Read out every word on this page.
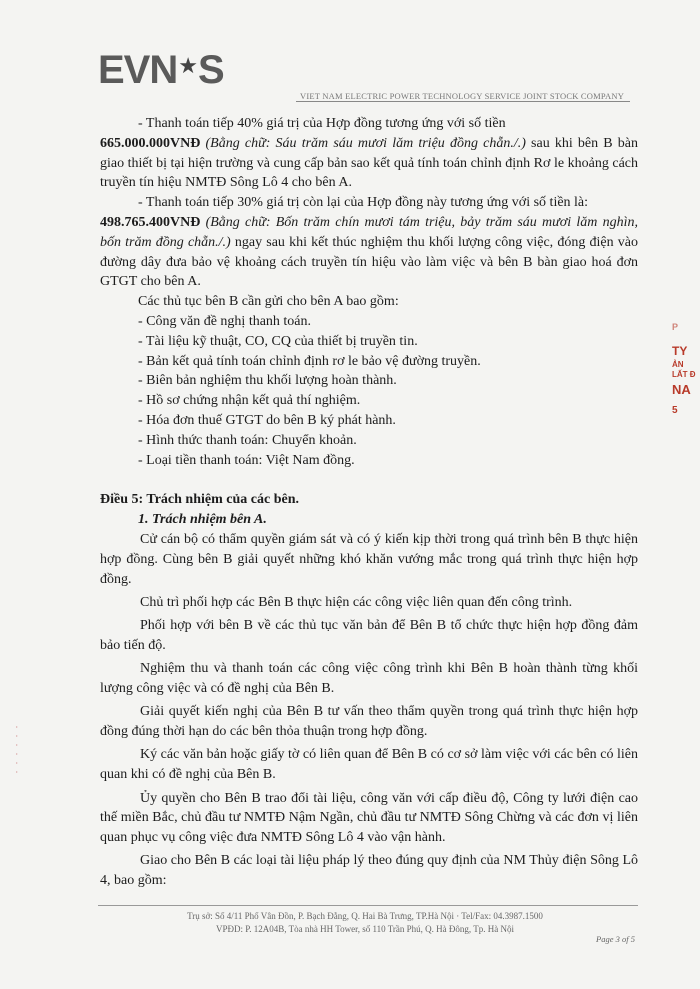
EVN ★ S
VIET NAM ELECTRIC POWER TECHNOLOGY SERVICE JOINT STOCK COMPANY

- Thanh toán tiếp 40% giá trị của Hợp đồng tương ứng với số tiền
665.000.000VNĐ (Bằng chữ: Sáu trăm sáu mươi lăm triệu đồng chẵn./.) sau khi bên B bàn giao thiết bị tại hiện trường và cung cấp bản sao kết quả tính toán chỉnh định Rơ le khoảng cách truyền tín hiệu NMTĐ Sông Lô 4 cho bên A.

- Thanh toán tiếp 30% giá trị còn lại của Hợp đồng này tương ứng với số tiền là:
498.765.400VNĐ (Bằng chữ: Bốn trăm chín mươi tám triệu, bảy trăm sáu mươi lăm nghìn, bốn trăm đồng chẵn./.) ngay sau khi kết thúc nghiệm thu khối lượng công việc, đóng điện vào đường dây đưa bảo vệ khoảng cách truyền tín hiệu vào làm việc và bên B bàn giao hoá đơn GTGT cho bên A.

Các thủ tục bên B cần gửi cho bên A bao gồm:

- Công văn đề nghị thanh toán.

- Tài liệu kỹ thuật, CO, CQ của thiết bị truyền tin.

- Bản kết quả tính toán chỉnh định rơ le bảo vệ đường truyền.

- Biên bản nghiệm thu khối lượng hoàn thành.

- Hồ sơ chứng nhận kết quả thí nghiệm.

- Hóa đơn thuế GTGT do bên B ký phát hành.

- Hình thức thanh toán: Chuyển khoản.

- Loại tiền thanh toán: Việt Nam đồng.

Điều 5: Trách nhiệm của các bên.

1. Trách nhiệm bên A.

Cử cán bộ có thẩm quyền giám sát và có ý kiến kịp thời trong quá trình bên B thực hiện hợp đồng. Cùng bên B giải quyết những khó khăn vướng mắc trong quá trình thực hiện hợp đồng.

Chủ trì phối hợp các Bên B thực hiện các công việc liên quan đến công trình.

Phối hợp với bên B về các thủ tục văn bản để Bên B tổ chức thực hiện hợp đồng đảm bảo tiến độ.

Nghiệm thu và thanh toán các công việc công trình khi Bên B hoàn thành từng khối lượng công việc và có đề nghị của Bên B.

Giải quyết kiến nghị của Bên B tư vấn theo thẩm quyền trong quá trình thực hiện hợp đồng đúng thời hạn do các bên thỏa thuận trong hợp đồng.

Ký các văn bản hoặc giấy tờ có liên quan để Bên B có cơ sở làm việc với các bên có liên quan khi có đề nghị của Bên B.

Ủy quyền cho Bên B trao đổi tài liệu, công văn với cấp điều độ, Công ty lưới điện cao thế miền Bắc, chủ đầu tư NMTĐ Nậm Ngần, chủ đầu tư NMTĐ Sông Chừng và các đơn vị liên quan phục vụ công việc đưa NMTĐ Sông Lô 4 vào vận hành.

Giao cho Bên B các loại tài liệu pháp lý theo đúng quy định của NM Thủy điện Sông Lô 4, bao gồm:

P
TY
ẢN
LẤT Đ
NA
5
· · · · · ·
Trụ sở: Số 4/11 Phố Vân Đồn, P. Bạch Đằng, Q. Hai Bà Trưng, TP.Hà Nội · Tel/Fax: 04.3987.1500
VPĐD: P. 12A04B, Tòa nhà HH Tower, số 110 Trần Phú, Q. Hà Đông, Tp. Hà Nội
Page 3 of 5
